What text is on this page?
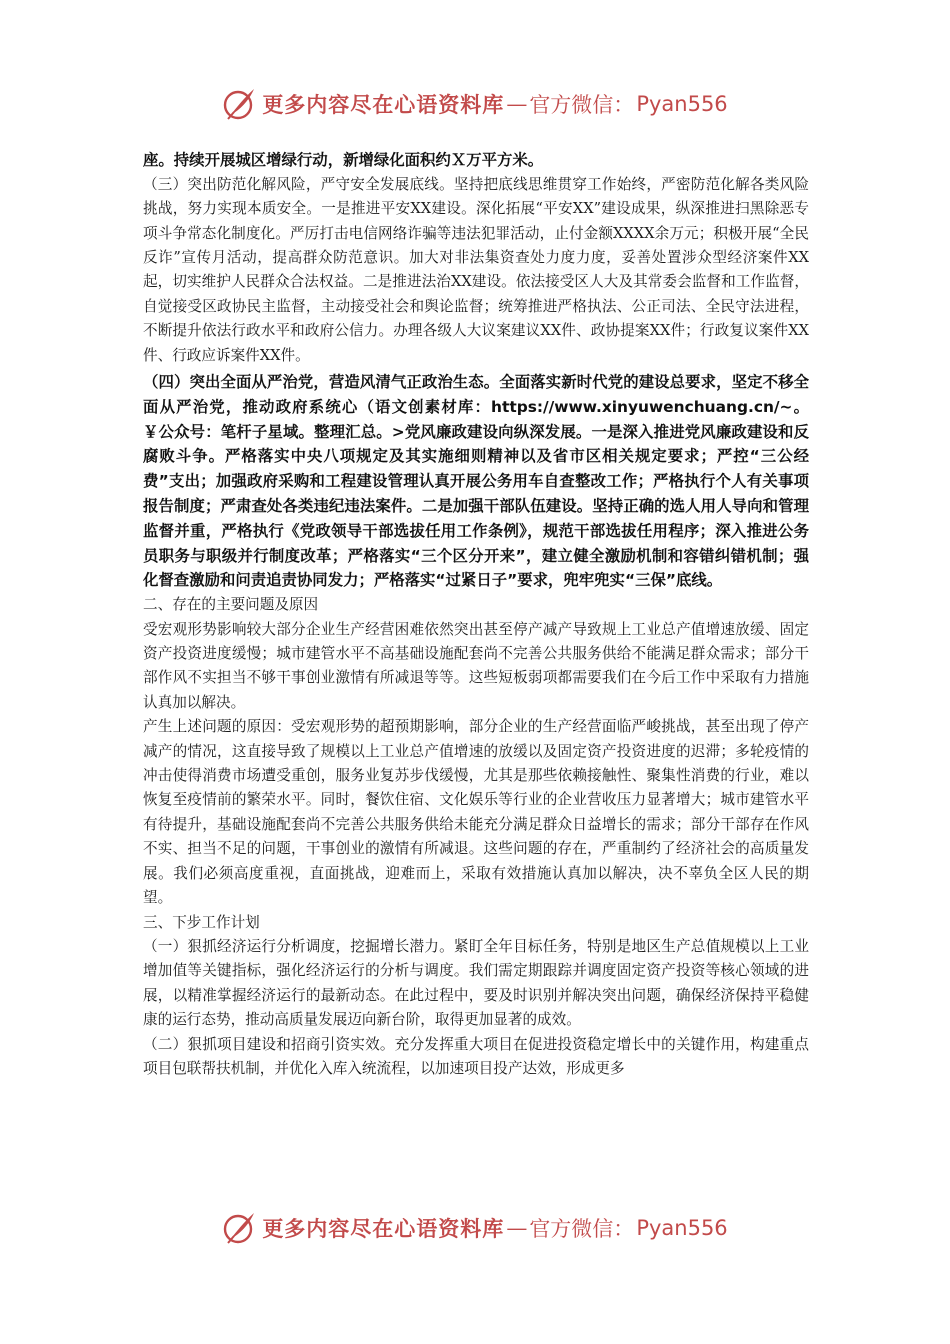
更多内容尽在心语资料库 — 官方微信： Pyan556

座。持续开展城区增绿行动，新增绿化面积约Ｘ万平方米。

（三）突出防范化解风险，严守安全发展底线。坚持把底线思维贯穿工作始终，严密防范化解各类风险挑战，努力实现本质安全。一是推进平安XX建设。深化拓展“平安XX”建设成果，纵深推进扫黑除恶专项斗争常态化制度化。严厉打击电信网络诈骗等违法犯罪活动，止付金额XXXX余万元；积极开展“全民反诈”宣传月活动，提高群众防范意识。加大对非法集资查处力度力度，妥善处置涉众型经济案件XX起，切实维护人民群众合法权益。二是推进法治XX建设。依法接受区人大及其常委会监督和工作监督，自觉接受区政协民主监督，主动接受社会和舆论监督；统筹推进严格执法、公正司法、全民守法进程，不断提升依法行政水平和政府公信力。办理各级人大议案建议XX件、政协提案XX件；行政复议案件XX件、行政应诉案件XX件。

（四）突出全面从严治党，营造风清气正政治生态。全面落实新时代党的建设总要求，坚定不移全面从严治党，推动政府系统心（语文创素材库：https://www.xinyuwenchuang.cn/~。￥公众号：笔杆子星域。整理汇总。>党风廉政建设向纵深发展。一是深入推进党风廉政建设和反腐败斗争。严格落实中央八项规定及其实施细则精神以及省市区相关规定要求；严控“三公经费”支出；加强政府采购和工程建设管理认真开展公务用车自查整改工作；严格执行个人有关事项报告制度；严肃查处各类违纪违法案件。二是加强干部队伍建设。坚持正确的选人用人导向和管理监督并重，严格执行《党政领导干部选拔任用工作条例》，规范干部选拔任用程序；深入推进公务员职务与职级并行制度改革；严格落实“三个区分开来”，建立健全激励机制和容错纠错机制；强化督查激励和问责追责协同发力；严格落实“过紧日子”要求，兜牢兜实“三保”底线。

二、存在的主要问题及原因

受宏观形势影响较大部分企业生产经营困难依然突出甚至停产减产导致规上工业总产值增速放缓、固定资产投资进度缓慢；城市建管水平不高基础设施配套尚不完善公共服务供给不能满足群众需求；部分干部作风不实担当不够干事创业激情有所减退等等。这些短板弱项都需要我们在今后工作中采取有力措施认真加以解决。

产生上述问题的原因：受宏观形势的超预期影响，部分企业的生产经营面临严峻挑战，甚至出现了停产减产的情况，这直接导致了规模以上工业总产值增速的放缓以及固定资产投资进度的迟滞；多轮疫情的冲击使得消费市场遭受重创，服务业复苏步伐缓慢，尤其是那些依赖接触性、聚集性消费的行业，难以恢复至疫情前的繁荣水平。同时，餐饮住宿、文化娱乐等行业的企业营收压力显著增大；城市建管水平有待提升，基础设施配套尚不完善公共服务供给未能充分满足群众日益增长的需求；部分干部存在作风不实、担当不足的问题，干事创业的激情有所减退。这些问题的存在，严重制约了经济社会的高质量发展。我们必须高度重视，直面挑战，迎难而上，采取有效措施认真加以解决，决不辜负全区人民的期望。

三、下步工作计划

（一）狠抓经济运行分析调度，挖掘增长潜力。紧盯全年目标任务，特别是地区生产总值规模以上工业增加值等关键指标，强化经济运行的分析与调度。我们需定期跟踪并调度固定资产投资等核心领域的进展，以精准掌握经济运行的最新动态。在此过程中，要及时识别并解决突出问题，确保经济保持平稳健康的运行态势，推动高质量发展迈向新台阶，取得更加显著的成效。

（二）狠抓项目建设和招商引资实效。充分发挥重大项目在促进投资稳定增长中的关键作用，构建重点项目包联帮扶机制，并优化入库入统流程，以加速项目投产达效，形成更多

更多内容尽在心语资料库 — 官方微信： Pyan556
